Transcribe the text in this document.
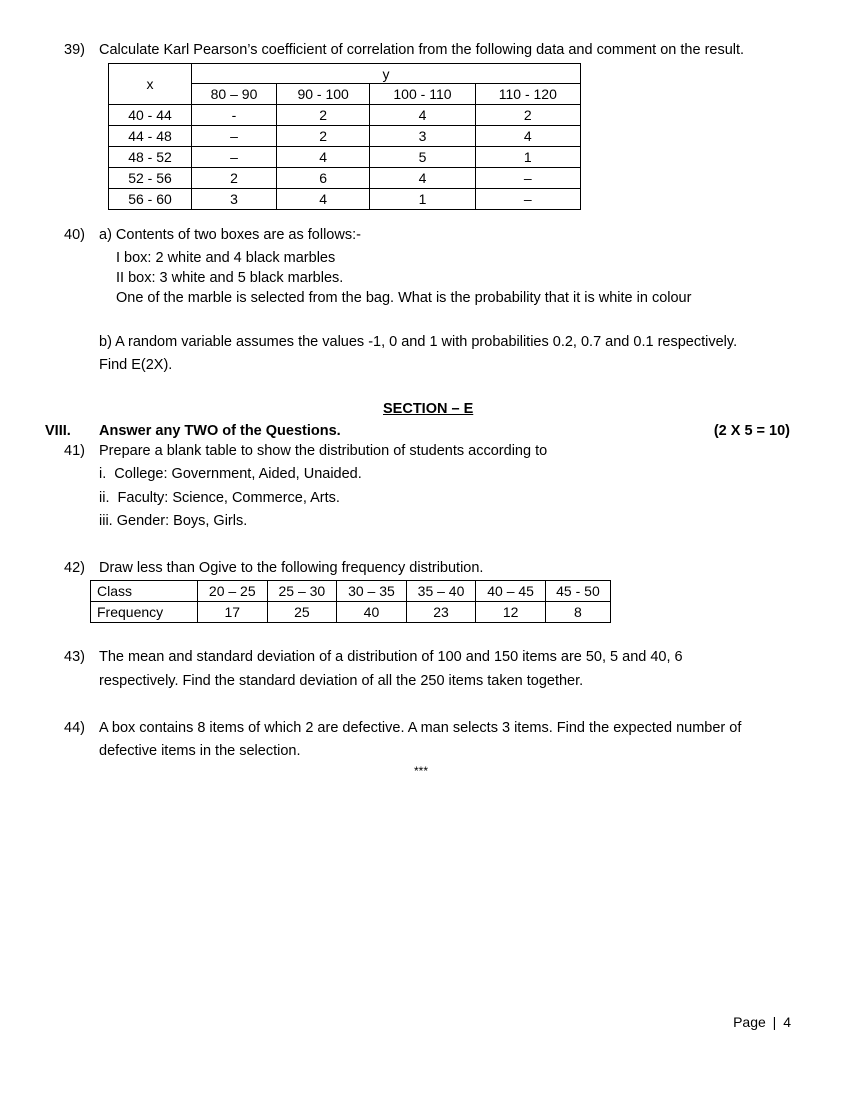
39) Calculate Karl Pearson’s coefficient of correlation from the following data and comment on the result.
x	y			
	80 – 90	90 - 100	100 - 110	110 - 120
40 - 44	-	2	4	2
44 - 48	–	2	3	4
48 - 52	–	4	5	1
52 - 56	2	6	4	–
56 - 60	3	4	1	–
40) a) Contents of two boxes are as follows:-
I box: 2 white and 4 black marbles
II box: 3 white and 5 black marbles.
One of the marble is selected from the bag. What is the probability that it is white in colour
b) A random variable assumes the values -1, 0 and 1 with probabilities 0.2, 0.7 and 0.1 respectively.
Find E(2X).
SECTION – E
VIII. Answer any TWO of the Questions.	(2 X 5 = 10)
41) Prepare a blank table to show the distribution of students according to
i.  College: Government, Aided, Unaided.
ii.  Faculty: Science, Commerce, Arts.
iii. Gender: Boys, Girls.
42) Draw less than Ogive to the following frequency distribution.
Class	20 – 25	25 – 30	30 – 35	35 – 40	40 – 45	45 - 50
Frequency	17	25	40	23	12	8
43) The mean and standard deviation of a distribution of 100 and 150 items are 50, 5 and 40, 6
respectively. Find the standard deviation of all the 250 items taken together.
44) A box contains 8 items of which 2 are defective. A man selects 3 items. Find the expected number of
defective items in the selection.
***
Page | 4
